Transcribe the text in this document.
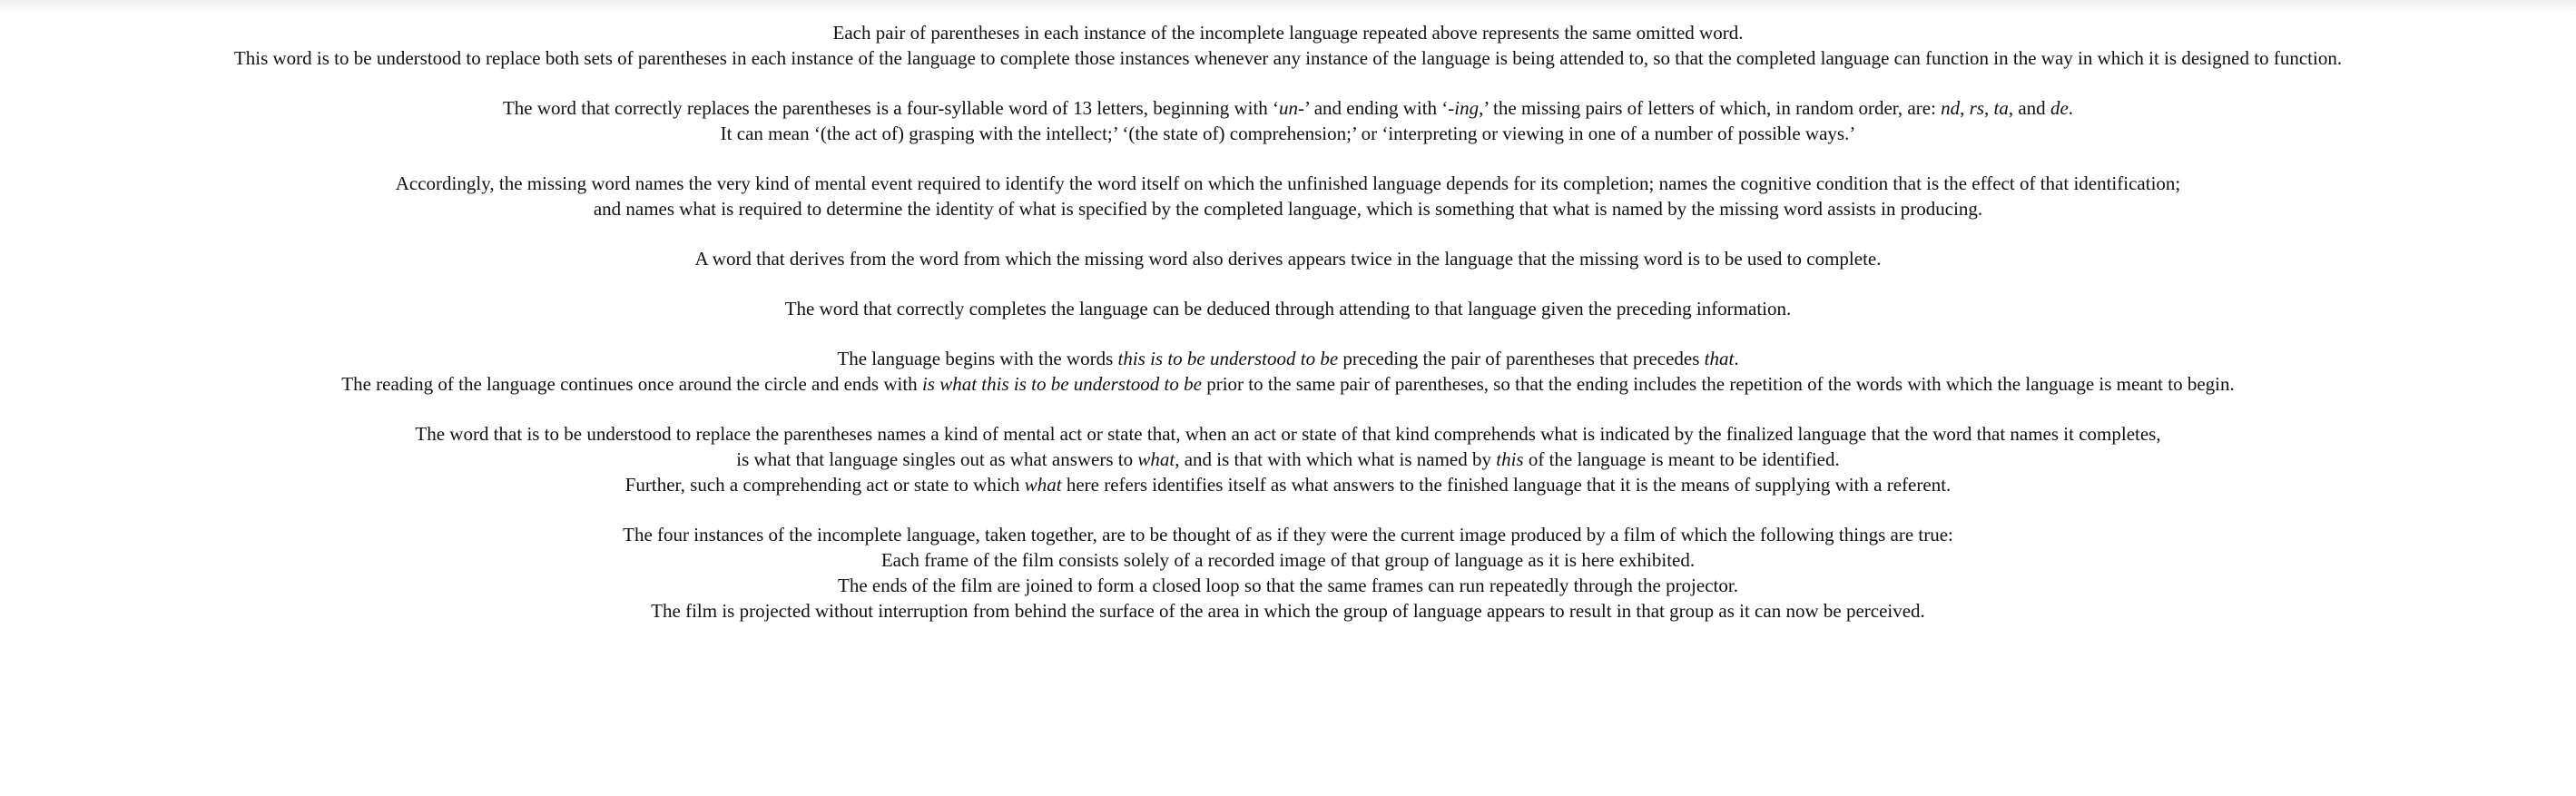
Each pair of parentheses in each instance of the incomplete language repeated above represents the same omitted word.
This word is to be understood to replace both sets of parentheses in each instance of the language to complete those instances whenever any instance of the language is being attended to, so that the completed language can function in the way in which it is designed to function.
The word that correctly replaces the parentheses is a four-syllable word of 13 letters, beginning with ‘un-’ and ending with ‘-ing,’ the missing pairs of letters of which, in random order, are: nd, rs, ta, and de.
It can mean ‘(the act of) grasping with the intellect;’ ‘(the state of) comprehension;’ or ‘interpreting or viewing in one of a number of possible ways.’
Accordingly, the missing word names the very kind of mental event required to identify the word itself on which the unfinished language depends for its completion; names the cognitive condition that is the effect of that identification;
and names what is required to determine the identity of what is specified by the completed language, which is something that what is named by the missing word assists in producing.
A word that derives from the word from which the missing word also derives appears twice in the language that the missing word is to be used to complete.
The word that correctly completes the language can be deduced through attending to that language given the preceding information.
The language begins with the words this is to be understood to be preceding the pair of parentheses that precedes that.
The reading of the language continues once around the circle and ends with is what this is to be understood to be prior to the same pair of parentheses, so that the ending includes the repetition of the words with which the language is meant to begin.
The word that is to be understood to replace the parentheses names a kind of mental act or state that, when an act or state of that kind comprehends what is indicated by the finalized language that the word that names it completes,
is what that language singles out as what answers to what, and is that with which what is named by this of the language is meant to be identified.
Further, such a comprehending act or state to which what here refers identifies itself as what answers to the finished language that it is the means of supplying with a referent.
The four instances of the incomplete language, taken together, are to be thought of as if they were the current image produced by a film of which the following things are true:
Each frame of the film consists solely of a recorded image of that group of language as it is here exhibited.
The ends of the film are joined to form a closed loop so that the same frames can run repeatedly through the projector.
The film is projected without interruption from behind the surface of the area in which the group of language appears to result in that group as it can now be perceived.
